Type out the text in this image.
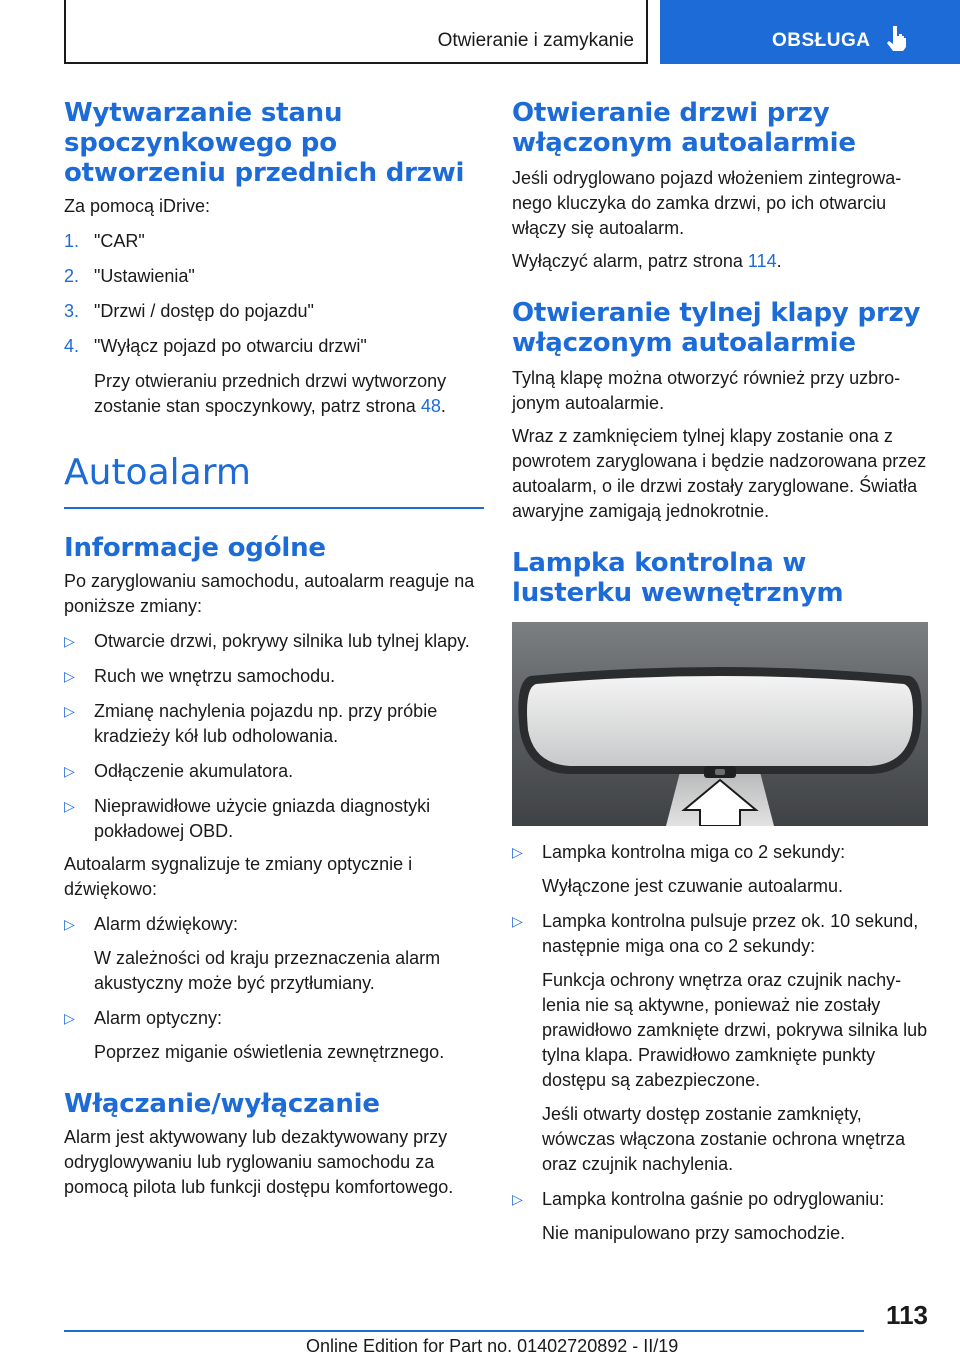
Otwieranie i zamykanie	OBSŁUGA
Wytwarzanie stanu spoczynkowego po otworzeniu przednich drzwi

Za pomocą iDrive:

1. "CAR"
2. "Ustawienia"
3. "Drzwi / dostęp do pojazdu"
4. "Wyłącz pojazd po otwarciu drzwi"
Przy otwieraniu przednich drzwi wytworzony zostanie stan spoczynkowy, patrz strona 48.
Autoalarm
Informacje ogólne

Po zaryglowaniu samochodu, autoalarm reaguje na poniższe zmiany:

▷ Otwarcie drzwi, pokrywy silnika lub tylnej klapy.
▷ Ruch we wnętrzu samochodu.
▷ Zmianę nachylenia pojazdu np. przy próbie kradzieży kół lub odholowania.
▷ Odłączenie akumulatora.
▷ Nieprawidłowe użycie gniazda diagnostyki pokładowej OBD.

Autoalarm sygnalizuje te zmiany optycznie i dźwiękowo:

▷ Alarm dźwiękowy:
W zależności od kraju przeznaczenia alarm akustyczny może być przytłumiany.
▷ Alarm optyczny:
Poprzez miganie oświetlenia zewnętrznego.
Włączanie/wyłączanie

Alarm jest aktywowany lub dezaktywowany przy odryglowywaniu lub ryglowaniu samochodu za pomocą pilota lub funkcji dostępu komfortowego.

Otwieranie drzwi przy włączonym autoalarmie

Jeśli odryglowano pojazd włożeniem zintegrowanego kluczyka do zamka drzwi, po ich otwarciu włączy się autoalarm.

Wyłączyć alarm, patrz strona 114.

Otwieranie tylnej klapy przy włączonym autoalarmie

Tylną klapę można otworzyć również przy uzbrojonym autoalarmie.

Wraz z zamknięciem tylnej klapy zostanie ona z powrotem zaryglowana i będzie nadzorowana przez autoalarm, o ile drzwi zostały zaryglowane. Światła awaryjne zamigają jednokrotnie.

Lampka kontrolna w lusterku wewnętrznym
▷ Lampka kontrolna miga co 2 sekundy:
Wyłączone jest czuwanie autoalarmu.
▷ Lampka kontrolna pulsuje przez ok. 10 sekund, następnie miga ona co 2 sekundy:
Funkcja ochrony wnętrza oraz czujnik nachylenia nie są aktywne, ponieważ nie zostały prawidłowo zamknięte drzwi, pokrywa silnika lub tylna klapa. Prawidłowo zamknięte punkty dostępu są zabezpieczone.
Jeśli otwarty dostęp zostanie zamknięty, wówczas włączona zostanie ochrona wnętrza oraz czujnik nachylenia.
▷ Lampka kontrolna gaśnie po odryglowaniu:
Nie manipulowano przy samochodzie.
113
Online Edition for Part no. 01402720892 - II/19
